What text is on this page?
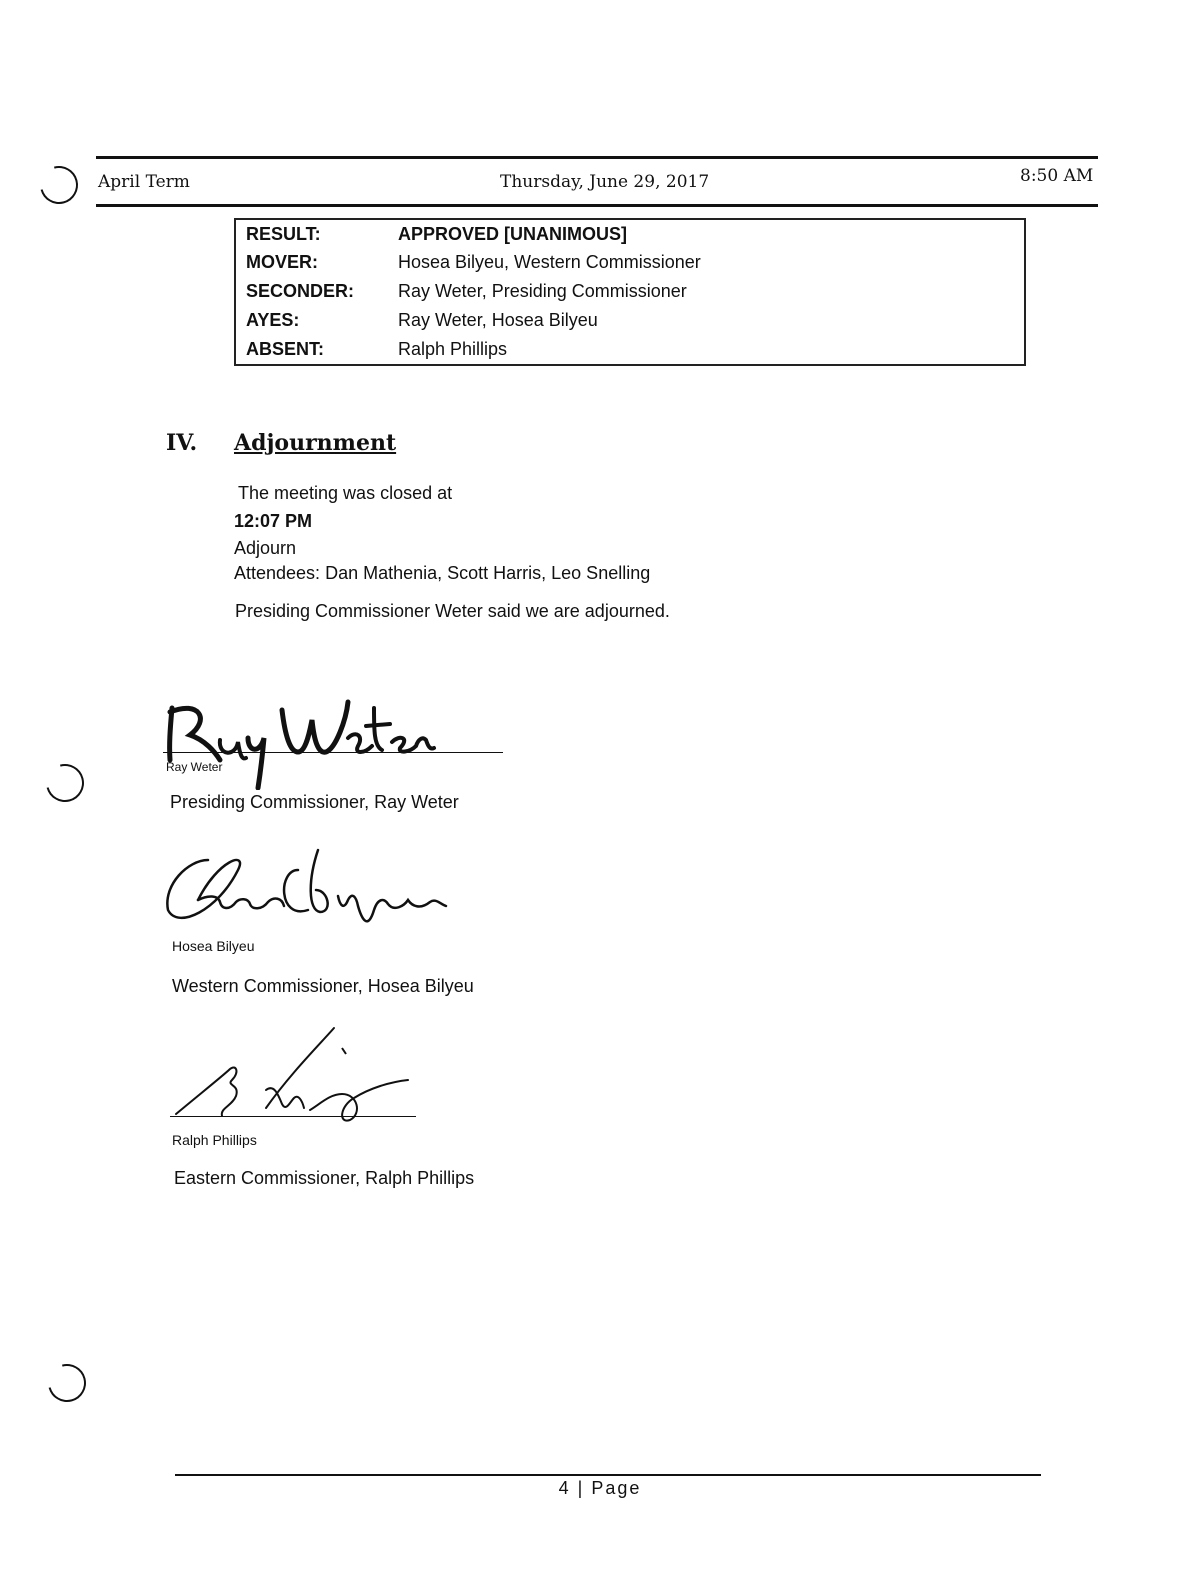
April Term	Thursday, June 29, 2017	8:50 AM
RESULT:	APPROVED [UNANIMOUS]
MOVER:	Hosea Bilyeu, Western Commissioner
SECONDER: Ray Weter, Presiding Commissioner
AYES:	Ray Weter, Hosea Bilyeu
ABSENT:	Ralph Phillips
IV. Adjournment
The meeting was closed at
12:07 PM
Adjourn
Attendees: Dan Mathenia, Scott Harris, Leo Snelling
Presiding Commissioner Weter said we are adjourned.
Ray Weter
Presiding Commissioner, Ray Weter
Hosea Bilyeu
Western Commissioner, Hosea Bilyeu
Ralph Phillips
Eastern Commissioner, Ralph Phillips
4 | Page
